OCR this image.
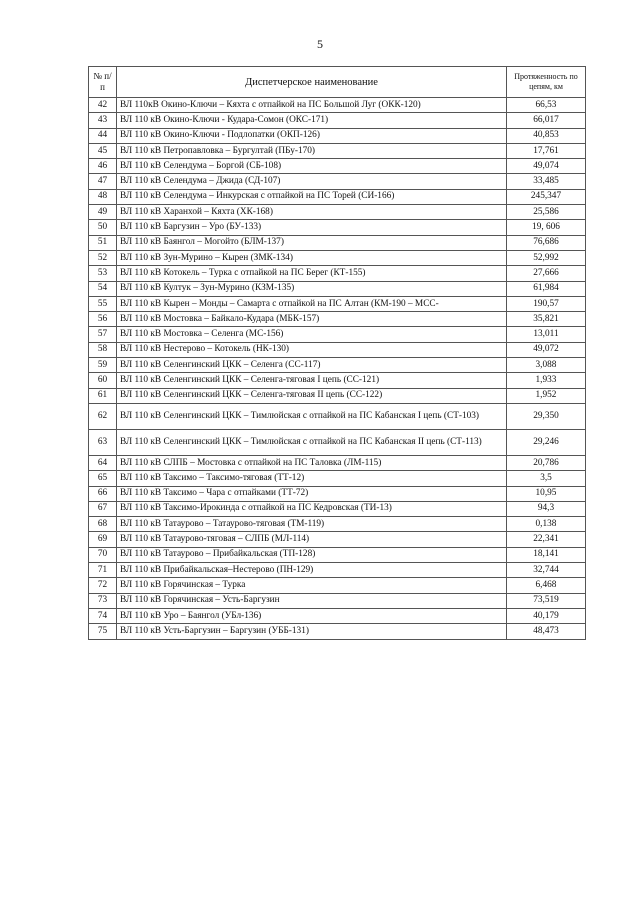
5
№ п/п	Диспетчерское наименование	Протяженность по цепям, км
42	ВЛ 110кВ Окино-Ключи – Кяхта с отпайкой на ПС Большой Луг (ОКК-120)	66,53
43	ВЛ 110 кВ Окино-Ключи - Кудара-Сомон (ОКС-171)	66,017
44	ВЛ 110 кВ Окино-Ключи - Подлопатки (ОКП-126)	40,853
45	ВЛ 110 кВ Петропавловка – Бургултай (ПБу-170)	17,761
46	ВЛ 110 кВ Селендума – Боргой (СБ-108)	49,074
47	ВЛ 110 кВ Селендума – Джида (СД-107)	33,485
48	ВЛ 110 кВ Селендума – Инкурская с отпайкой на ПС Торей (СИ-166)	245,347
49	ВЛ 110 кВ Харанхой – Кяхта (ХК-168)	25,586
50	ВЛ 110 кВ Баргузин – Уро (БУ-133)	19, 606
51	ВЛ 110 кВ Баянгол – Могойто (БЛМ-137)	76,686
52	ВЛ 110 кВ Зун-Мурино – Кырен (ЗМК-134)	52,992
53	ВЛ 110 кВ Котокель – Турка с отпайкой на ПС Берег (КТ-155)	27,666
54	ВЛ 110 кВ Култук – Зун-Мурино (КЗМ-135)	61,984
55	ВЛ 110 кВ Кырен – Монды – Самарта с отпайкой на ПС Алтан (КМ-190 – МСС-	190,57
56	ВЛ 110 кВ Мостовка – Байкало-Кудара (МБК-157)	35,821
57	ВЛ 110 кВ Мостовка – Селенга (МС-156)	13,011
58	ВЛ 110 кВ Нестерово – Котокель (НК-130)	49,072
59	ВЛ 110 кВ Селенгинский ЦКК – Селенга (СС-117)	3,088
60	ВЛ 110 кВ Селенгинский ЦКК – Селенга-тяговая I цепь (СС-121)	1,933
61	ВЛ 110 кВ Селенгинский ЦКК – Селенга-тяговая II цепь (СС-122)	1,952
62	ВЛ 110 кВ Селенгинский ЦКК – Тимлюйская с отпайкой на ПС Кабанская I цепь (СТ-103)	29,350
63	ВЛ 110 кВ Селенгинский ЦКК – Тимлюйская с отпайкой на ПС Кабанская II цепь (СТ-113)	29,246
64	ВЛ 110 кВ СЛПБ – Мостовка с отпайкой на ПС Таловка (ЛМ-115)	20,786
65	ВЛ 110 кВ Таксимо – Таксимо-тяговая (ТТ-12)	3,5
66	ВЛ 110 кВ Таксимо – Чара с отпайками (ТТ-72)	10,95
67	ВЛ 110 кВ Таксимо-Ирокинда с отпайкой на ПС Кедровская (ТИ-13)	94,3
68	ВЛ 110 кВ Татаурово – Татаурово-тяговая (ТМ-119)	0,138
69	ВЛ 110 кВ Татаурово-тяговая – СЛПБ (МЛ-114)	22,341
70	ВЛ 110 кВ Татаурово – Прибайкальская (ТП-128)	18,141
71	ВЛ 110 кВ Прибайкальская–Нестерово (ПН-129)	32,744
72	ВЛ 110 кВ Горячинская – Турка	6,468
73	ВЛ 110 кВ Горячинская – Усть-Баргузин	73,519
74	ВЛ 110 кВ Уро – Баянгол (УБл-136)	40,179
75	ВЛ 110 кВ Усть-Баргузин – Баргузин (УББ-131)	48,473
